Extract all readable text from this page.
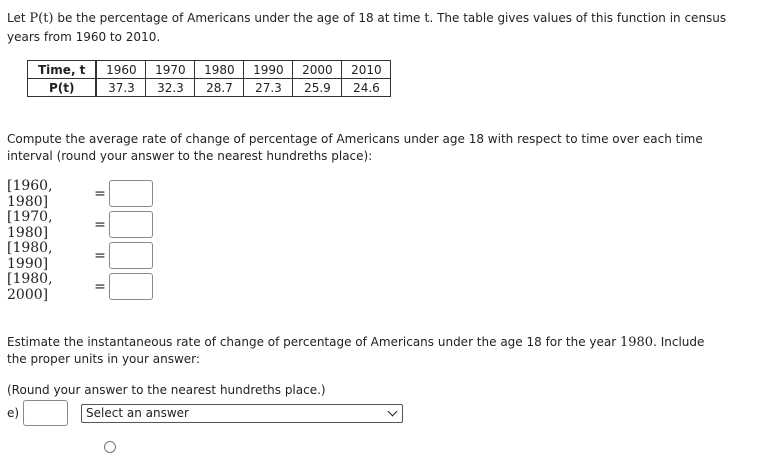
Let P(t) be the percentage of Americans under the age of 18 at time t. The table gives values of this function in census years from 1960 to 2010.

Time, t	1960	1970	1980	1990	2000	2010
P(t)	37.3	32.3	28.7	27.3	25.9	24.6

Compute the average rate of change of percentage of Americans under age 18 with respect to time over each time interval (round your answer to the nearest hundreths place):

[1960, 1980]	=
[1970, 1980]	=
[1980, 1990]	=
[1980, 2000]	=

Estimate the instantaneous rate of change of percentage of Americans under the age 18 for the year 1980. Include the proper units in your answer:

(Round your answer to the nearest hundreths place.)

e)	Select an answer
